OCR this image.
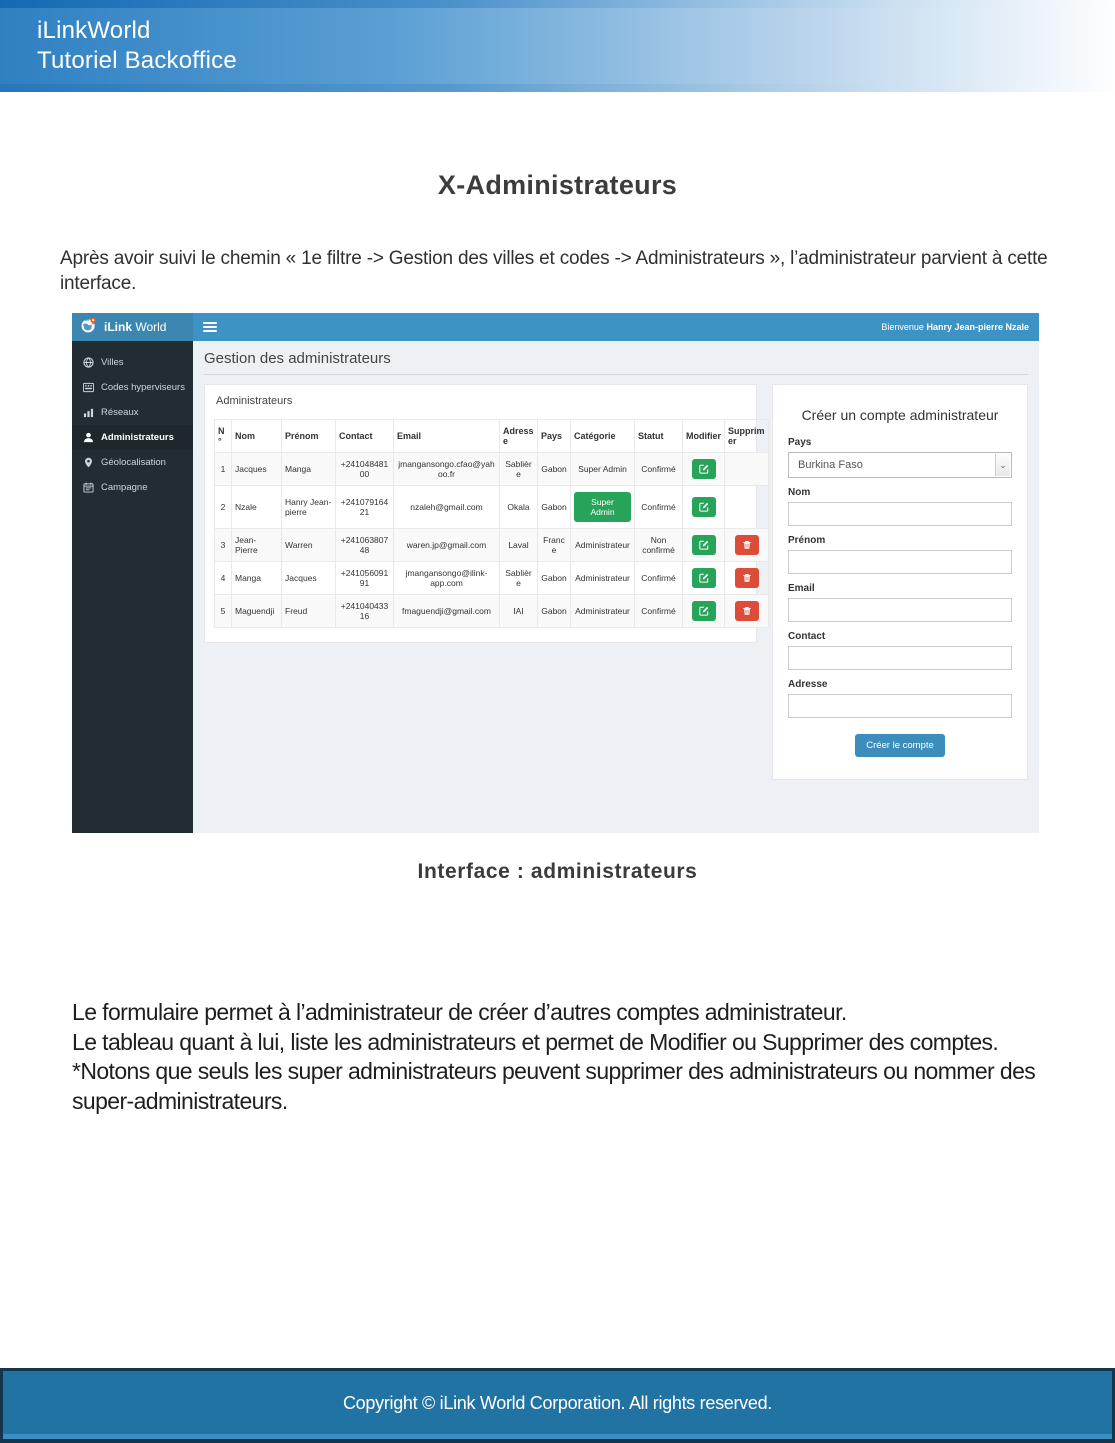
iLinkWorld
Tutoriel Backoffice
X-Administrateurs
Après avoir suivi le chemin « 1e filtre -> Gestion des villes et codes -> Administrateurs », l’administrateur parvient à cette interface.
iLink World	Bienvenue Hanry Jean-pierre Nzale
Villes
Codes hyperviseurs
Réseaux
Administrateurs
Géolocalisation
Campagne
Gestion des administrateurs
Administrateurs
N°	Nom	Prénom	Contact	Email	Adresse	Pays	Catégorie	Statut	Modifier	Supprimer
1	Jacques	Manga	+24104848100	jmangansongo.cfao@yahoo.fr	Sablière	Gabon	Super Admin	Confirmé	

2	Nzale	Hanry Jean-pierre	+24107916421	nzaleh@gmail.com	Okala	Gabon	Super Admin	Confirmé	

3	Jean-Pierre	Warren	+24106380748	waren.jp@gmail.com	Laval	France	Administrateur	Non confirmé	

4	Manga	Jacques	+24105609191	jmangansongo@ilink-app.com	Sablière	Gabon	Administrateur	Confirmé	

5	Maguendji	Freud	+24104043316	fmaguendji@gmail.com	IAI	Gabon	Administrateur	Confirmé	

Créer un compte administrateur
Pays
Burkina Faso	⌄
Nom
Prénom
Email
Contact
Adresse
Créer le compte
Interface : administrateurs
Le formulaire permet à l’administrateur de créer d’autres comptes administrateur.
Le tableau quant à lui, liste les administrateurs et permet de Modifier ou Supprimer des comptes.
*Notons que seuls les super administrateurs peuvent supprimer des administrateurs ou nommer des super-administrateurs.
Copyright © iLink World Corporation. All rights reserved.
